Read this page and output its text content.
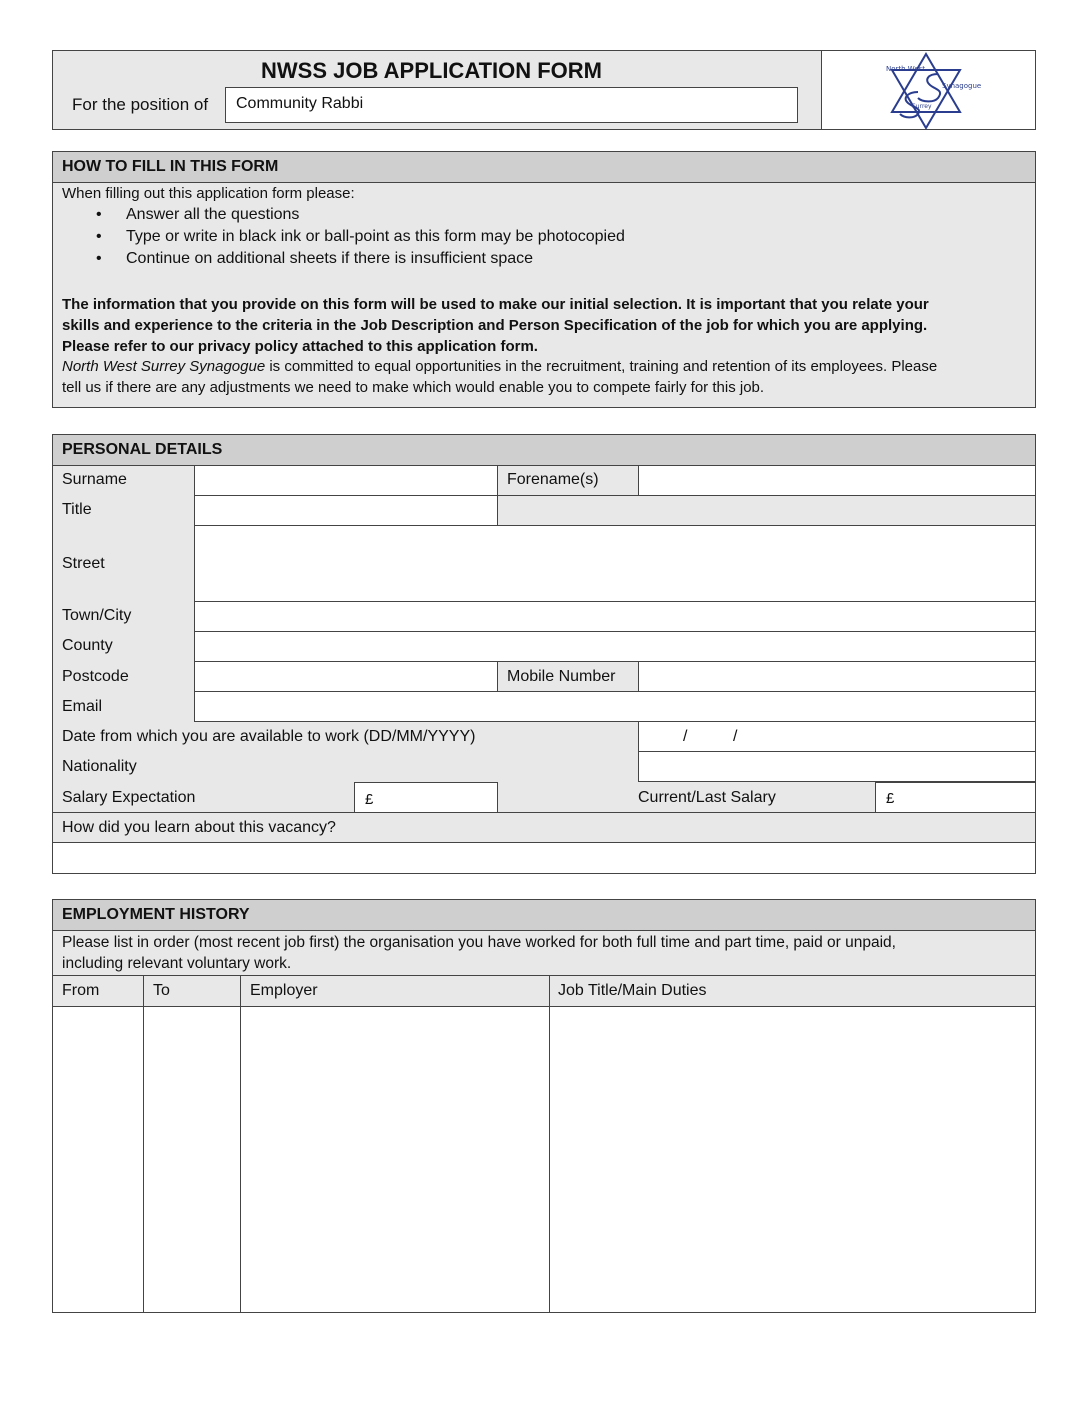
NWSS JOB APPLICATION FORM
For the position of Community Rabbi
North West
Synagogue
Surrey
HOW TO FILL IN THIS FORM
When filling out this application form please:
• Answer all the questions
• Type or write in black ink or ball-point as this form may be photocopied
• Continue on additional sheets if there is insufficient space
The information that you provide on this form will be used to make our initial selection. It is important that you relate your
skills and experience to the criteria in the Job Description and Person Specification of the job for which you are applying.
Please refer to our privacy policy attached to this application form.
North West Surrey Synagogue is committed to equal opportunities in the recruitment, training and retention of its employees. Please
tell us if there are any adjustments we need to make which would enable you to compete fairly for this job.
PERSONAL DETAILS
Surname	Forename(s)
Title
Street
Town/City
County
Postcode	Mobile Number
Email
Date from which you are available to work (DD/MM/YYYY)	/	/
Nationality
Salary Expectation	£	Current/Last Salary	£
How did you learn about this vacancy?
EMPLOYMENT HISTORY
Please list in order (most recent job first) the organisation you have worked for both full time and part time, paid or unpaid,
including relevant voluntary work.
From	To	Employer	Job Title/Main Duties
